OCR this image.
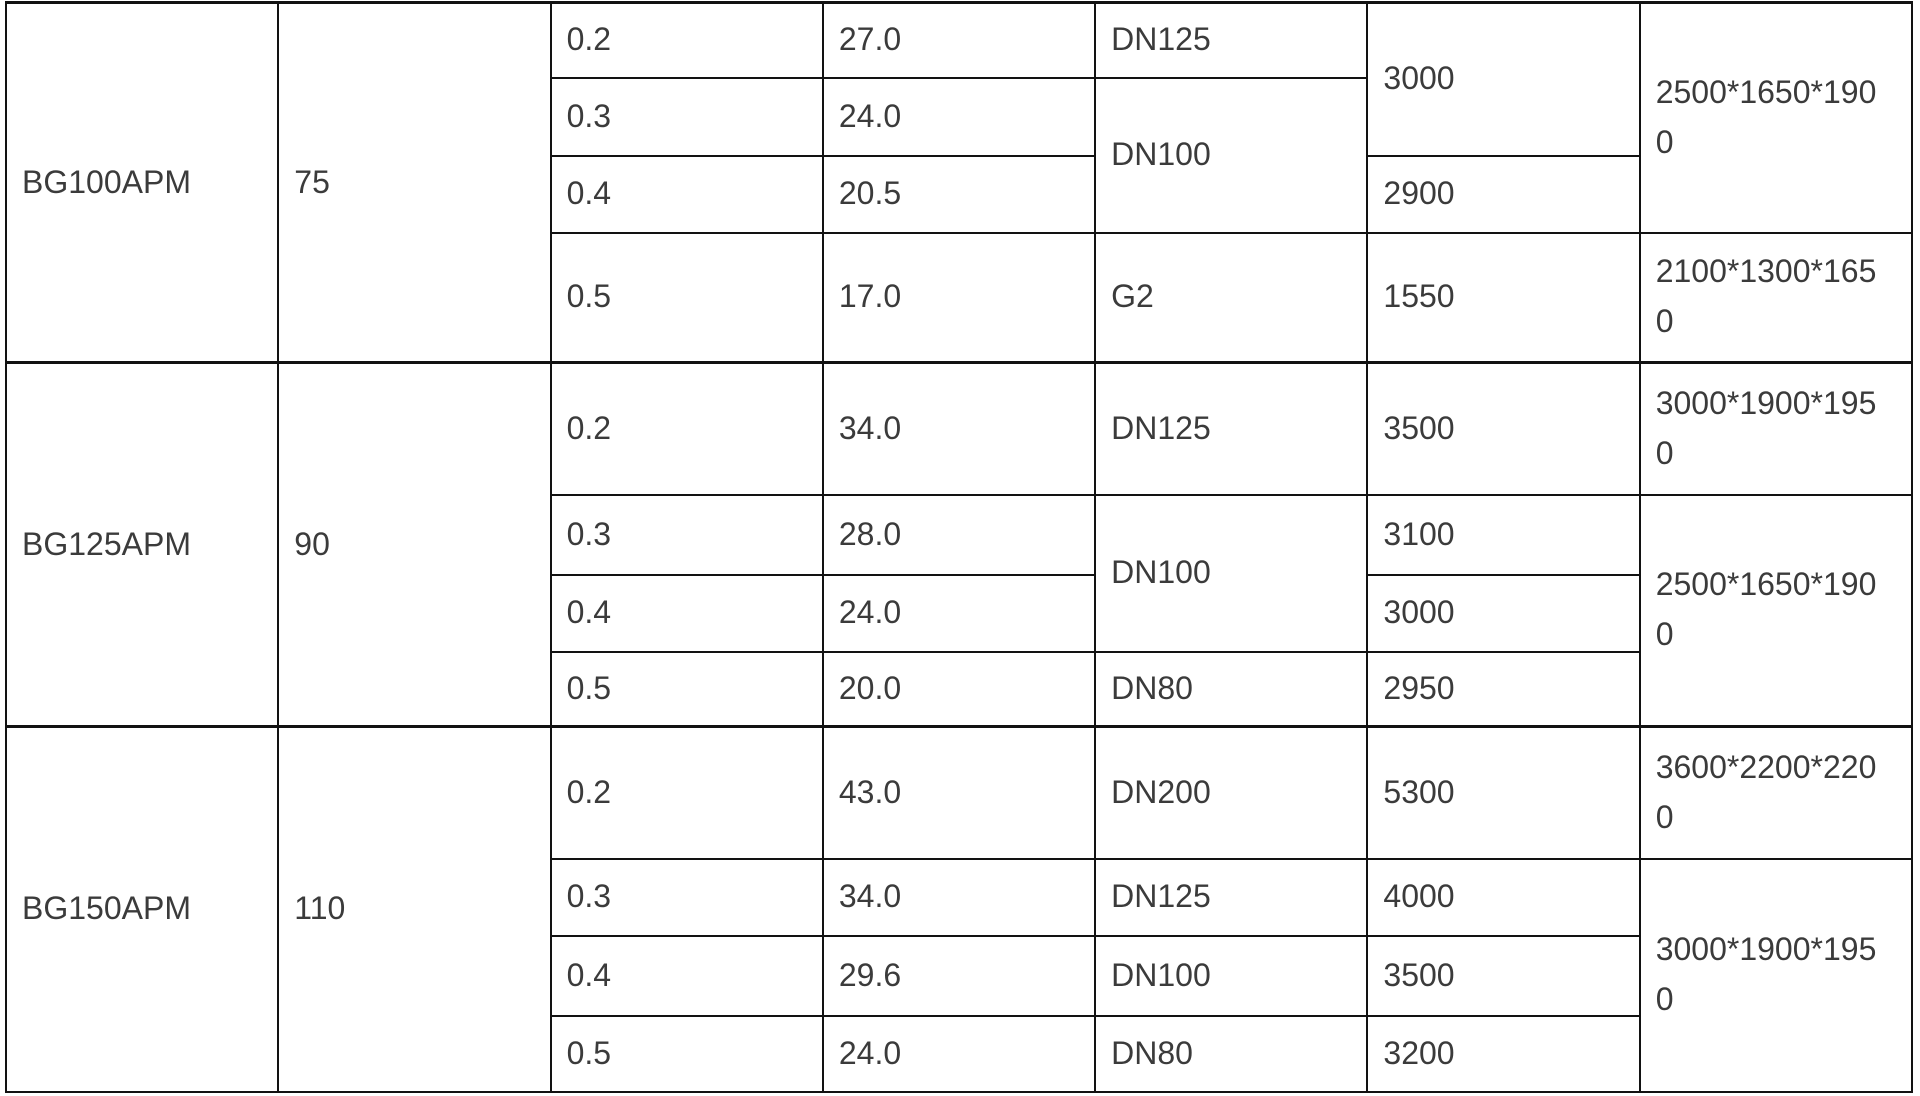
BG100APM	75	0.2	27.0	DN125	3000	2500*1650*1900
		0.3	24.0	DN100		
		0.4	20.5		2900	
		0.5	17.0	G2	1550	2100*1300*1650
BG125APM	90	0.2	34.0	DN125	3500	3000*1900*1950
		0.3	28.0	DN100	3100	2500*1650*1900
		0.4	24.0		3000	
		0.5	20.0	DN80	2950	
BG150APM	110	0.2	43.0	DN200	5300	3600*2200*2200
		0.3	34.0	DN125	4000	3000*1900*1950
		0.4	29.6	DN100	3500	
		0.5	24.0	DN80	3200	
